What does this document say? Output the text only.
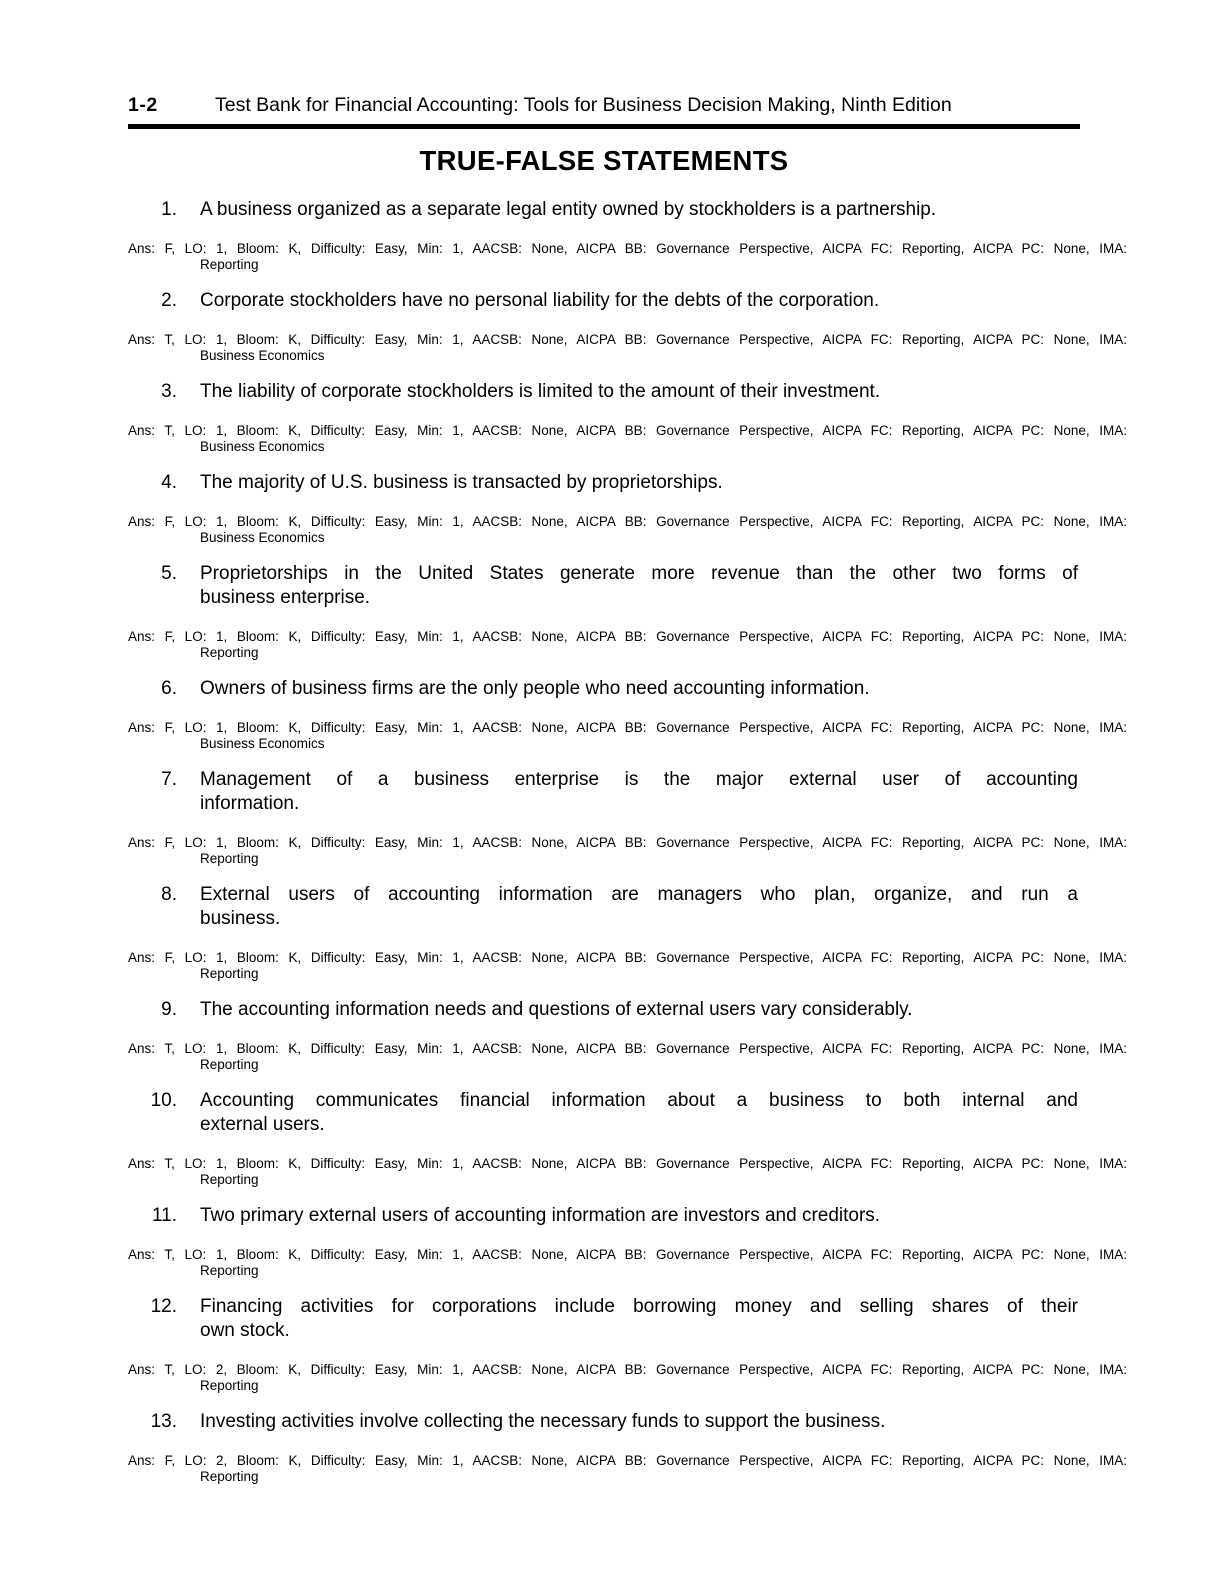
1-2	Test Bank for Financial Accounting: Tools for Business Decision Making, Ninth Edition
TRUE-FALSE STATEMENTS
1. A business organized as a separate legal entity owned by stockholders is a partnership.
Ans: F, LO: 1, Bloom: K, Difficulty: Easy, Min: 1, AACSB: None, AICPA BB: Governance Perspective, AICPA FC: Reporting, AICPA PC: None, IMA:
Reporting
2. Corporate stockholders have no personal liability for the debts of the corporation.
Ans: T, LO: 1, Bloom: K, Difficulty: Easy, Min: 1, AACSB: None, AICPA BB: Governance Perspective, AICPA FC: Reporting, AICPA PC: None, IMA:
Business Economics
3. The liability of corporate stockholders is limited to the amount of their investment.
Ans: T, LO: 1, Bloom: K, Difficulty: Easy, Min: 1, AACSB: None, AICPA BB: Governance Perspective, AICPA FC: Reporting, AICPA PC: None, IMA:
Business Economics
4. The majority of U.S. business is transacted by proprietorships.
Ans: F, LO: 1, Bloom: K, Difficulty: Easy, Min: 1, AACSB: None, AICPA BB: Governance Perspective, AICPA FC: Reporting, AICPA PC: None, IMA:
Business Economics
5. Proprietorships in the United States generate more revenue than the other two forms of
business enterprise.
Ans: F, LO: 1, Bloom: K, Difficulty: Easy, Min: 1, AACSB: None, AICPA BB: Governance Perspective, AICPA FC: Reporting, AICPA PC: None, IMA:
Reporting
6. Owners of business firms are the only people who need accounting information.
Ans: F, LO: 1, Bloom: K, Difficulty: Easy, Min: 1, AACSB: None, AICPA BB: Governance Perspective, AICPA FC: Reporting, AICPA PC: None, IMA:
Business Economics
7. Management of a business enterprise is the major external user of accounting
information.
Ans: F, LO: 1, Bloom: K, Difficulty: Easy, Min: 1, AACSB: None, AICPA BB: Governance Perspective, AICPA FC: Reporting, AICPA PC: None, IMA:
Reporting
8. External users of accounting information are managers who plan, organize, and run a
business.
Ans: F, LO: 1, Bloom: K, Difficulty: Easy, Min: 1, AACSB: None, AICPA BB: Governance Perspective, AICPA FC: Reporting, AICPA PC: None, IMA:
Reporting
9. The accounting information needs and questions of external users vary considerably.
Ans: T, LO: 1, Bloom: K, Difficulty: Easy, Min: 1, AACSB: None, AICPA BB: Governance Perspective, AICPA FC: Reporting, AICPA PC: None, IMA:
Reporting
10. Accounting communicates financial information about a business to both internal and
external users.
Ans: T, LO: 1, Bloom: K, Difficulty: Easy, Min: 1, AACSB: None, AICPA BB: Governance Perspective, AICPA FC: Reporting, AICPA PC: None, IMA:
Reporting
11. Two primary external users of accounting information are investors and creditors.
Ans: T, LO: 1, Bloom: K, Difficulty: Easy, Min: 1, AACSB: None, AICPA BB: Governance Perspective, AICPA FC: Reporting, AICPA PC: None, IMA:
Reporting
12. Financing activities for corporations include borrowing money and selling shares of their
own stock.
Ans: T, LO: 2, Bloom: K, Difficulty: Easy, Min: 1, AACSB: None, AICPA BB: Governance Perspective, AICPA FC: Reporting, AICPA PC: None, IMA:
Reporting
13. Investing activities involve collecting the necessary funds to support the business.
Ans: F, LO: 2, Bloom: K, Difficulty: Easy, Min: 1, AACSB: None, AICPA BB: Governance Perspective, AICPA FC: Reporting, AICPA PC: None, IMA:
Reporting
